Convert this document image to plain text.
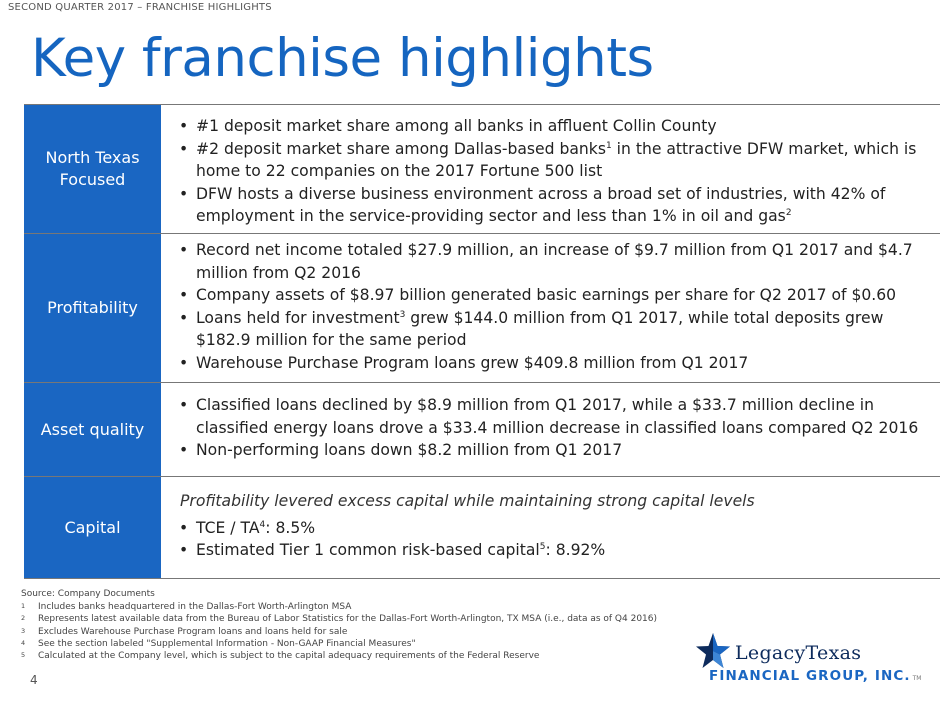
SECOND QUARTER 2017 – FRANCHISE HIGHLIGHTS
Key franchise highlights
North Texas Focused
• #1 deposit market share among all banks in affluent Collin County
• #2 deposit market share among Dallas-based banks$^1$ in the attractive DFW market, which is home to 22 companies on the 2017 Fortune 500 list
• DFW hosts a diverse business environment across a broad set of industries, with 42% of employment in the service-providing sector and less than 1% in oil and gas$^2$
Profitability
• Record net income totaled $27.9 million, an increase of $9.7 million from Q1 2017 and $4.7 million from Q2 2016
• Company assets of $8.97 billion generated basic earnings per share for Q2 2017 of $0.60
• Loans held for investment$^3$ grew $144.0 million from Q1 2017, while total deposits grew $182.9 million for the same period
• Warehouse Purchase Program loans grew $409.8 million from Q1 2017
Asset quality
• Classified loans declined by $8.9 million from Q1 2017, while a $33.7 million decline in classified energy loans drove a $33.4 million decrease in classified loans compared Q2 2016
• Non-performing loans down $8.2 million from Q1 2017
Capital
Profitability levered excess capital while maintaining strong capital levels
• TCE / $TA^4$: 8.5%
• Estimated Tier 1 common risk-based capital$^5$: 8.92%
Source: Company Documents
1	Includes banks headquartered in the Dallas-Fort Worth-Arlington MSA
2	Represents latest available data from the Bureau of Labor Statistics for the Dallas-Fort Worth-Arlington, TX MSA (i.e., data as of Q4 2016)
3	Excludes Warehouse Purchase Program loans and loans held for sale
4	See the section labeled "Supplemental Information - Non-GAAP Financial Measures"
5	Calculated at the Company level, which is subject to the capital adequacy requirements of the Federal Reserve
4
LegacyTexas
FINANCIAL GROUP, INC. TM
